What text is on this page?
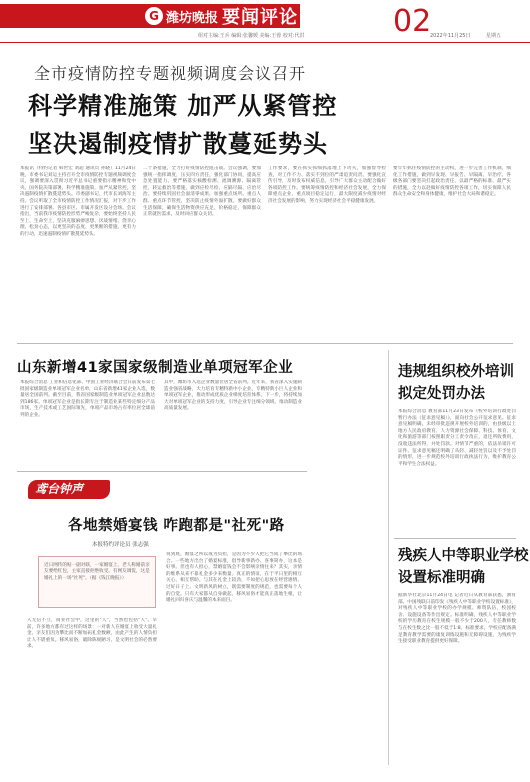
G 潍坊晚报 要闻评论
组对主编:王兵 编辑:张馨媛 美编:王蓉 校对:代洪	02
2022年11月25日	星期五
全市疫情防控专题视频调度会议召开
科学精准施策 加严从紧管控
坚决遏制疫情扩散蔓延势头
本报讯（特约记者 韩世宏 刘超 通讯员 孙晓）11月24日晚，市委书记刘运主持召开全市疫情防控专题视频调度会议，强调要深入贯彻习近平总书记重要指示精神和党中央、国务院决策部署，科学精准施策，加严从紧管控，坚决遏制疫情扩散蔓延势头。市委副书记、代市长刘海军主持。会议听取了全市疫情防控工作情况汇报，对下步工作进行了安排部署。各县市区、市属开发区设分会场。会议指出，当前我市疫情防控形势严峻复杂，要始终坚持人民至上、生命至上，坚决克服麻痹思想、厌战情绪、侥幸心理、松劲心态，以更坚决的态度、更果断的措施、更有力的行动，迅速遏制疫情扩散蔓延势头。
二十条措施，全力打好疫情防控阻击战。会议强调，要加强统一指挥调度，压实四方责任，强化部门协同，提高应急处置能力。要严格落实核酸检测、流调溯源、隔离管控、转运救治等措施，做到应检尽检、应隔尽隔、应治尽治。要持续巩固社会面清零成果，加强重点场所、重点人群、重点环节管控，坚决防止疫情外溢扩散。要做好群众生活保障，确保生活物资供应充足、价格稳定，保障群众正常就医需求，及时回应群众关切。
工作要求，要在抓实抓细抓落地上下功夫，加强督导检查，对工作不力、落实不到位的严肃追责问责。要强化宣传引导，及时发布权威信息，引导广大群众主动配合做好各项防控工作。要统筹疫情防控和经济社会发展，全力保障重点企业、重点项目稳定运行，最大限度减少疫情对经济社会发展的影响，努力实现经济社会平稳健康发展。
要牢牢抓住疫情防控的主动权，进一步完善工作机制，细化工作措施，做到早发现、早报告、早隔离、早治疗。各级各部门要坚决扛起政治责任，以最严格的标准、最严实的措施，全力以赴做好疫情防控各项工作，切实保障人民群众生命安全和身体健康，维护社会大局和谐稳定。
山东新增41家国家级制造业单项冠军企业
本报综合消息 工业和信息化部、中国工业经济联合会日前发布第七批国家级制造业单项冠军企业名单，山东省新增41家企业入选，数量居全国前列。截至目前，我省国家级制造业单项冠军企业总数达到186家。单项冠军企业是指长期专注于制造业某些特定细分产品市场，生产技术或工艺国际领先，单项产品市场占有率位居全球前列的企业。
其中，潍坊市入选企业数量位居全省前列。近年来，我省深入实施制造业强省战略，大力培育专精特新中小企业、专精特新小巨人企业和单项冠军企业，推动形成优质企业梯度培育体系。下一步，将持续加大对单项冠军企业的支持力度，引导企业专注细分领域，推动制造业高质量发展。
鸢台钟声
各地禁婚宴钱 咋跑都是"社死"路
本报特约评论员 张志强
近日网传的贴一副对联，一家婚宴上，老人称婚前亲友要给红包，主家直接拒绝收受。有网友调侃，这是婚礼上的一场"社死"。（据《钱江晚报》）
人无信不立，商业社会中，这里的"人"，当然也包括"人"。早前，许多地方都有过这样的场景：一对新人在婚宴上收受大量礼金，亲友们因为攀比而不断加码礼金数额，由此产生的人情负担让人不堪重负。移风易俗，破除陈规陋习，是文明社会的必然要求。
说到底，婚宴之所以成为负担，是因为不少人把它当成了攀比的场合。一些地方出台了婚宴标准，倡导新事新办、喜事简办，这本是好事。但也有人担心，禁婚宴钱会不会影响亲情往来？其实，亲情的维系从来不靠礼金多少来衡量。真正的情谊，在于平日里的相互关心、相互帮助。与其在礼金上较劲，不如把心思放在经营感情、过好日子上。文明新风的树立，既需要制度的规范，也需要每个人的自觉。只有大家都从自身做起，移风易俗才能真正落地生根，让婚礼回归喜庆与温馨的本来面目。
违规组织校外培训
拟定处罚办法
本报综合消息 教育部11月23日发布《校外培训行政处罚暂行办法（征求意见稿）》，面向社会公开征求意见。征求意见稿明确，未经审批违规开展校外培训的，由县级以上地方人民政府教育、人力资源社会保障、科技、体育、文化和旅游等部门按照职责分工责令改正，退还所收费用，没收违法所得，并处罚款。对情节严重的，依法吊销许可证件。征求意见稿还明确了从轻、减轻处罚以及不予处罚的情形，进一步规范校外培训行政执法行为，维护教育公平和学生合法权益。
残疾人中等职业学校
设置标准明确
据新华社北京11月24日电 记者近日从教育部获悉，教育部、中国残联日前印发《残疾人中等职业学校设置标准》，对残疾人中等职业学校的办学规模、师资队伍、校园校舍、设施设备等作出规定。标准明确，残疾人中等职业学校的学历教育在校生规模一般不少于200人，专任教师数与在校生数之比一般不低于1:8。标准要求，学校应配备满足教育教学需要的康复训练设施和无障碍设施，为残疾学生接受职业教育提供更好保障。
